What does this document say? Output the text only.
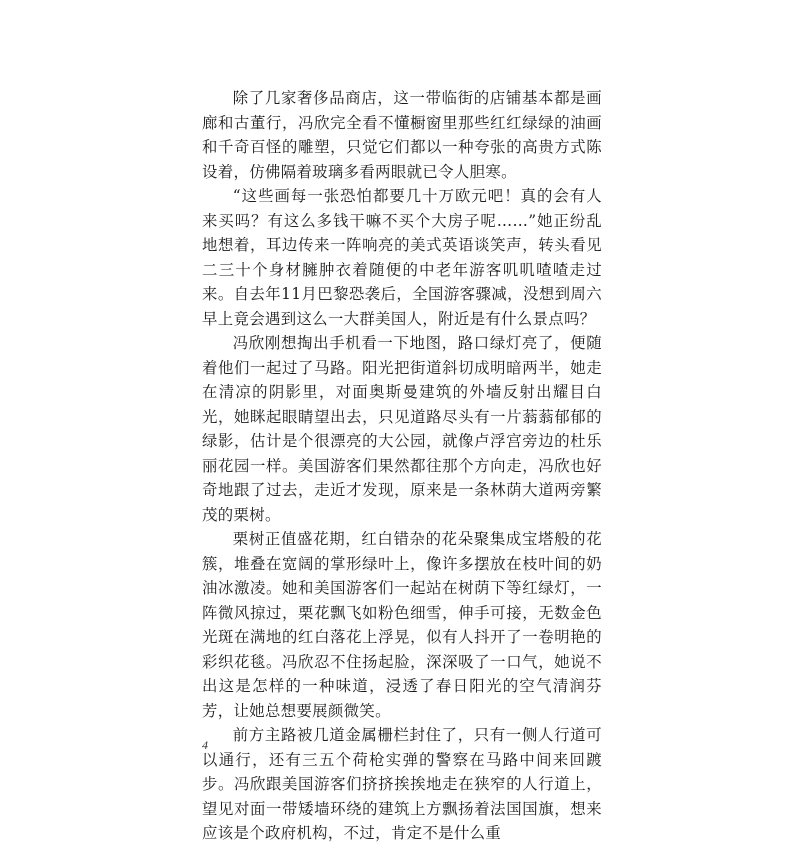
除了几家奢侈品商店，这一带临街的店铺基本都是画廊和古董行，冯欣完全看不懂橱窗里那些红红绿绿的油画和千奇百怪的雕塑，只觉它们都以一种夸张的高贵方式陈设着，仿佛隔着玻璃多看两眼就已令人胆寒。

“这些画每一张恐怕都要几十万欧元吧！真的会有人来买吗？有这么多钱干嘛不买个大房子呢……”她正纷乱地想着，耳边传来一阵响亮的美式英语谈笑声，转头看见二三十个身材臃肿衣着随便的中老年游客叽叽喳喳走过来。自去年11月巴黎恐袭后，全国游客骤减，没想到周六早上竟会遇到这么一大群美国人，附近是有什么景点吗？

冯欣刚想掏出手机看一下地图，路口绿灯亮了，便随着他们一起过了马路。阳光把街道斜切成明暗两半，她走在清凉的阴影里，对面奥斯曼建筑的外墙反射出耀目白光，她眯起眼睛望出去，只见道路尽头有一片蓊蓊郁郁的绿影，估计是个很漂亮的大公园，就像卢浮宫旁边的杜乐丽花园一样。美国游客们果然都往那个方向走，冯欣也好奇地跟了过去，走近才发现，原来是一条林荫大道两旁繁茂的栗树。

栗树正值盛花期，红白错杂的花朵聚集成宝塔般的花簇，堆叠在宽阔的掌形绿叶上，像许多摆放在枝叶间的奶油冰激凌。她和美国游客们一起站在树荫下等红绿灯，一阵微风掠过，栗花飘飞如粉色细雪，伸手可接，无数金色光斑在满地的红白落花上浮晃，似有人抖开了一卷明艳的彩织花毯。冯欣忍不住扬起脸，深深吸了一口气，她说不出这是怎样的一种味道，浸透了春日阳光的空气清润芬芳，让她总想要展颜微笑。

前方主路被几道金属栅栏封住了，只有一侧人行道可以通行，还有三五个荷枪实弹的警察在马路中间来回踱步。冯欣跟美国游客们挤挤挨挨地走在狭窄的人行道上，望见对面一带矮墙环绕的建筑上方飘扬着法国国旗，想来应该是个政府机构，不过，肯定不是什么重

4
